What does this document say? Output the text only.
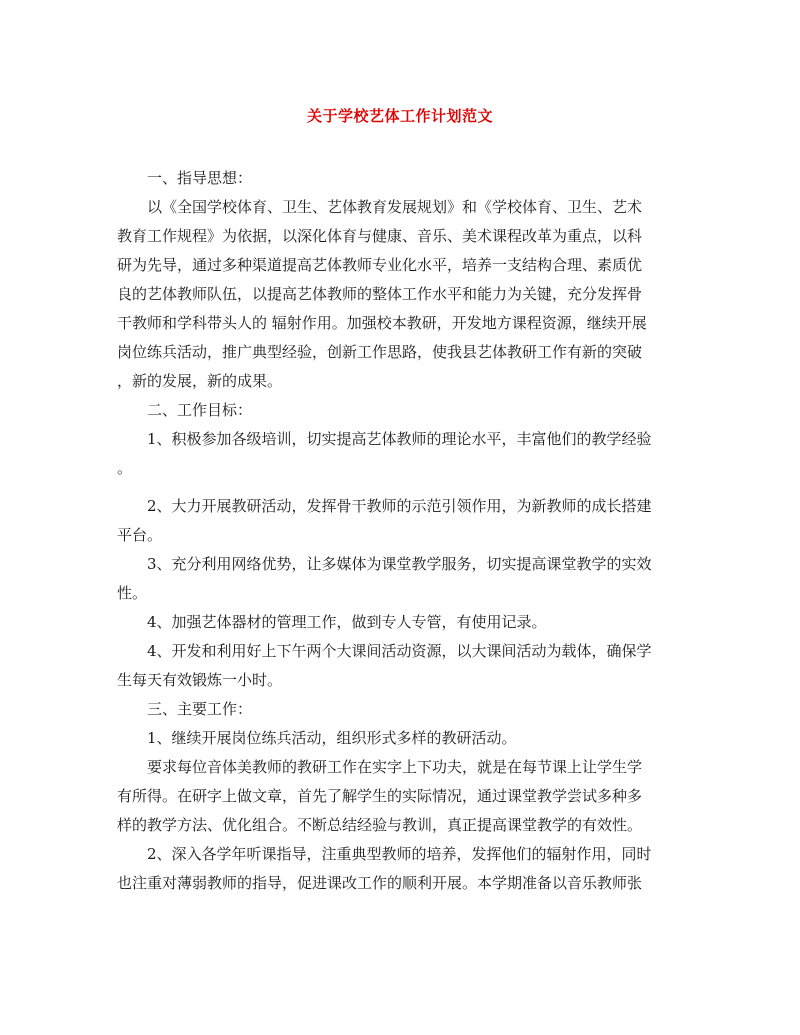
关于学校艺体工作计划范文
一、指导思想：
以《全国学校体育、卫生、艺体教育发展规划》和《学校体育、卫生、艺术
教育工作规程》为依据，以深化体育与健康、音乐、美术课程改革为重点，以科
研为先导，通过多种渠道提高艺体教师专业化水平，培养一支结构合理、素质优
良的艺体教师队伍，以提高艺体教师的整体工作水平和能力为关键，充分发挥骨
干教师和学科带头人的 辐射作用。加强校本教研，开发地方课程资源，继续开展
岗位练兵活动，推广典型经验，创新工作思路，使我县艺体教研工作有新的突破
，新的发展，新的成果。
二、工作目标：
1、积极参加各级培训，切实提高艺体教师的理论水平，丰富他们的教学经验
。
2、大力开展教研活动，发挥骨干教师的示范引领作用，为新教师的成长搭建
平台。
3、充分利用网络优势，让多媒体为课堂教学服务，切实提高课堂教学的实效
性。
4、加强艺体器材的管理工作，做到专人专管，有使用记录。
4、开发和利用好上下午两个大课间活动资源，以大课间活动为载体，确保学
生每天有效锻炼一小时。
三、主要工作：
1、继续开展岗位练兵活动，组织形式多样的教研活动。
要求每位音体美教师的教研工作在实字上下功夫，就是在每节课上让学生学
有所得。在研字上做文章，首先了解学生的实际情况，通过课堂教学尝试多种多
样的教学方法、优化组合。不断总结经验与教训，真正提高课堂教学的有效性。
2、深入各学年听课指导，注重典型教师的培养，发挥他们的辐射作用，同时
也注重对薄弱教师的指导，促进课改工作的顺利开展。本学期准备以音乐教师张
